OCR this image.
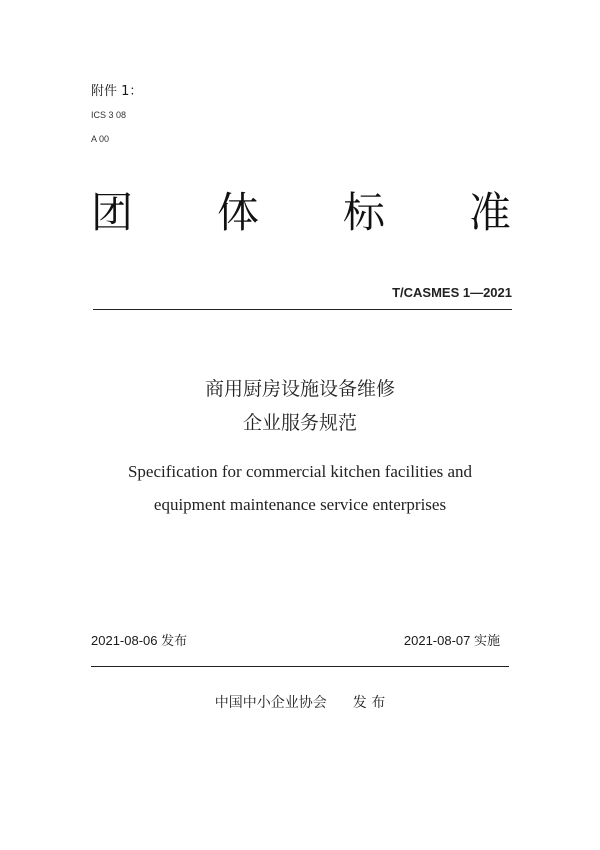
附件 1：
ICS 3 08
A 00
团 体 标 准
T/CASMES 1—2021
商用厨房设施设备维修
企业服务规范
Specification for commercial kitchen facilities and
equipment maintenance service enterprises
2021-08-06 发布	2021-08-07 实施
中国中小企业协会 发 布
